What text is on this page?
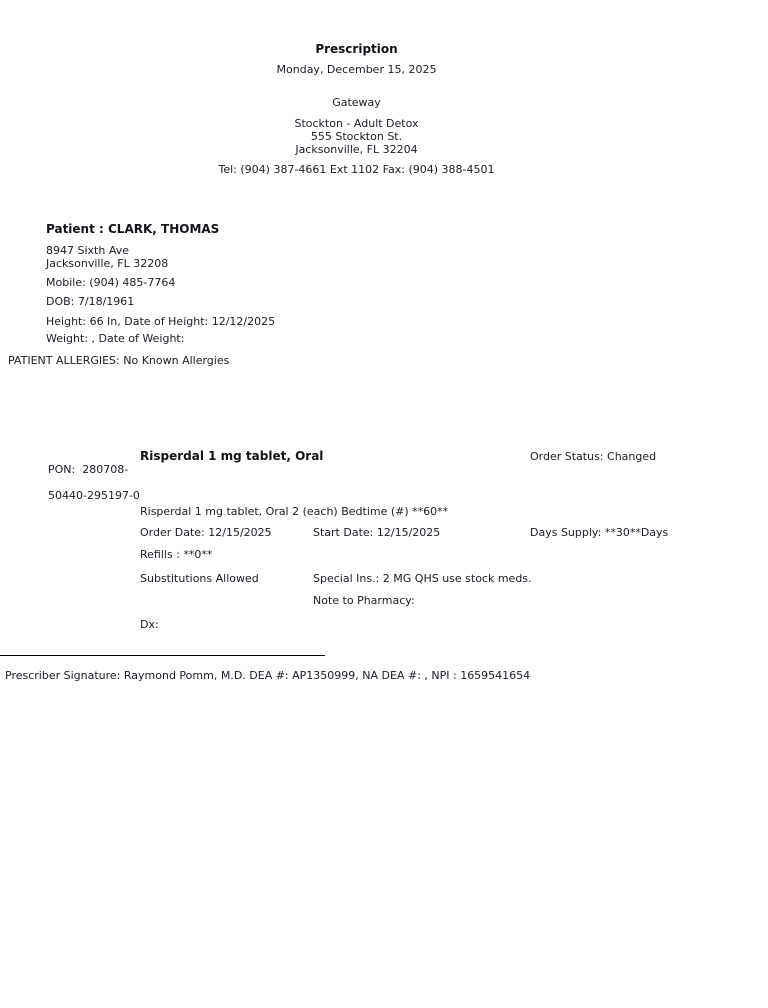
Prescription
Monday, December 15, 2025
Gateway
Stockton - Adult Detox
555 Stockton St.
Jacksonville, FL 32204
Tel: (904) 387-4661 Ext 1102 Fax: (904) 388-4501
Patient : CLARK, THOMAS
8947 Sixth Ave
Jacksonville, FL 32208
Mobile: (904) 485-7764
DOB: 7/18/1961
Height: 66 In, Date of Height: 12/12/2025
Weight: , Date of Weight:
PATIENT ALLERGIES: No Known Allergies

PON:  280708-

50440-295197-0

Risperdal 1 mg tablet, Oral	Order Status: Changed
Risperdal 1 mg tablet, Oral 2 (each) Bedtime (#) **60**
Order Date: 12/15/2025	Start Date: 12/15/2025	Days Supply: **30**Days
Refills : **0**
Substitutions Allowed	Special Ins.: 2 MG QHS use stock meds.
Note to Pharmacy:
Dx:
Prescriber Signature: Raymond Pomm, M.D. DEA #: AP1350999, NA DEA #: , NPI : 1659541654
